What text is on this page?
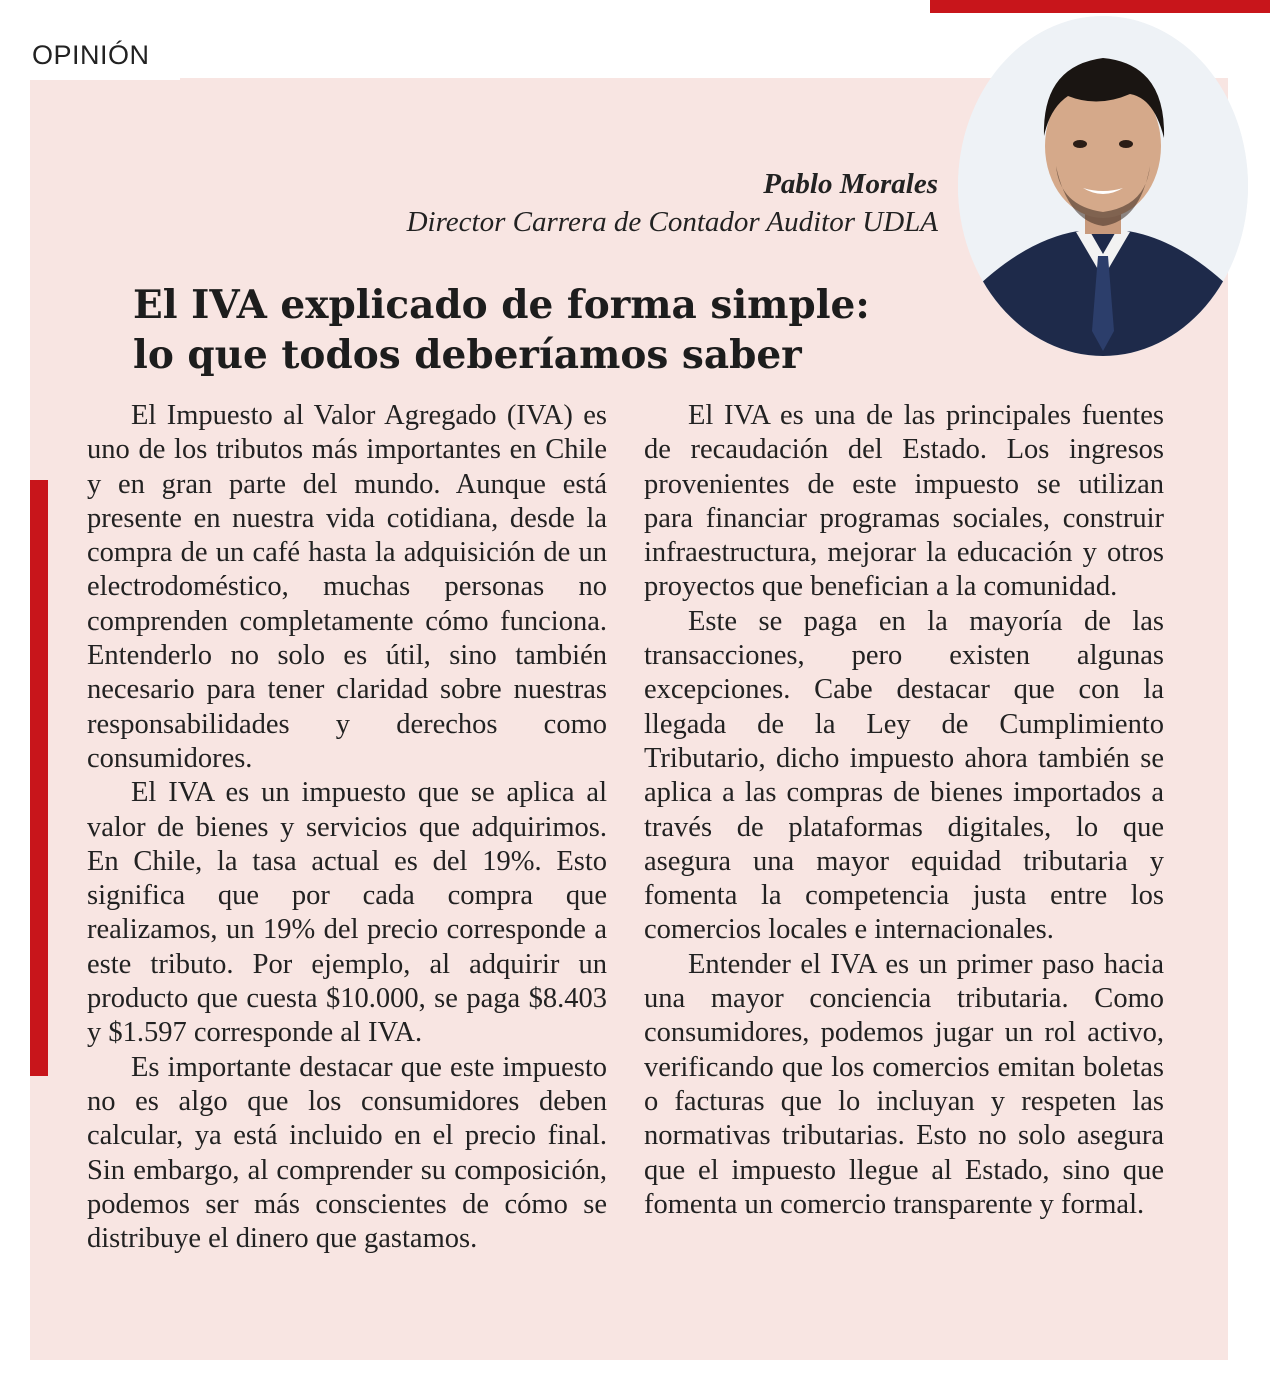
OPINIÓN
Pablo Morales
Director Carrera de Contador Auditor UDLA
El IVA explicado de forma simple:
lo que todos deberíamos saber

El Impuesto al Valor Agregado (IVA) es uno de los tributos más importantes en Chile y en gran parte del mundo. Aunque está presente en nuestra vida cotidiana, desde la compra de un café hasta la adquisición de un electrodoméstico, muchas personas no comprenden completamente cómo funciona. Entenderlo no solo es útil, sino también necesario para tener claridad sobre nuestras responsabilidades y derechos como consumidores.

El IVA es un impuesto que se aplica al valor de bienes y servicios que adquirimos. En Chile, la tasa actual es del 19%. Esto significa que por cada compra que realizamos, un 19% del precio corresponde a este tributo. Por ejemplo, al adquirir un producto que cuesta $10.000, se paga $8.403 y $1.597 corresponde al IVA.

Es importante destacar que este impuesto no es algo que los consumidores deben calcular, ya está incluido en el precio final. Sin embargo, al comprender su composición, podemos ser más conscientes de cómo se distribuye el dinero que gastamos.

El IVA es una de las principales fuentes de recaudación del Estado. Los ingresos provenientes de este impuesto se utilizan para financiar programas sociales, construir infraestructura, mejorar la educación y otros proyectos que benefician a la comunidad.

Este se paga en la mayoría de las transacciones, pero existen algunas excepciones. Cabe destacar que con la llegada de la Ley de Cumplimiento Tributario, dicho impuesto ahora también se aplica a las compras de bienes importados a través de plataformas digitales, lo que asegura una mayor equidad tributaria y fomenta la competencia justa entre los comercios locales e internacionales.

Entender el IVA es un primer paso hacia una mayor conciencia tributaria. Como consumidores, podemos jugar un rol activo, verificando que los comercios emitan boletas o facturas que lo incluyan y respeten las normativas tributarias. Esto no solo asegura que el impuesto llegue al Estado, sino que fomenta un comercio transparente y formal.
